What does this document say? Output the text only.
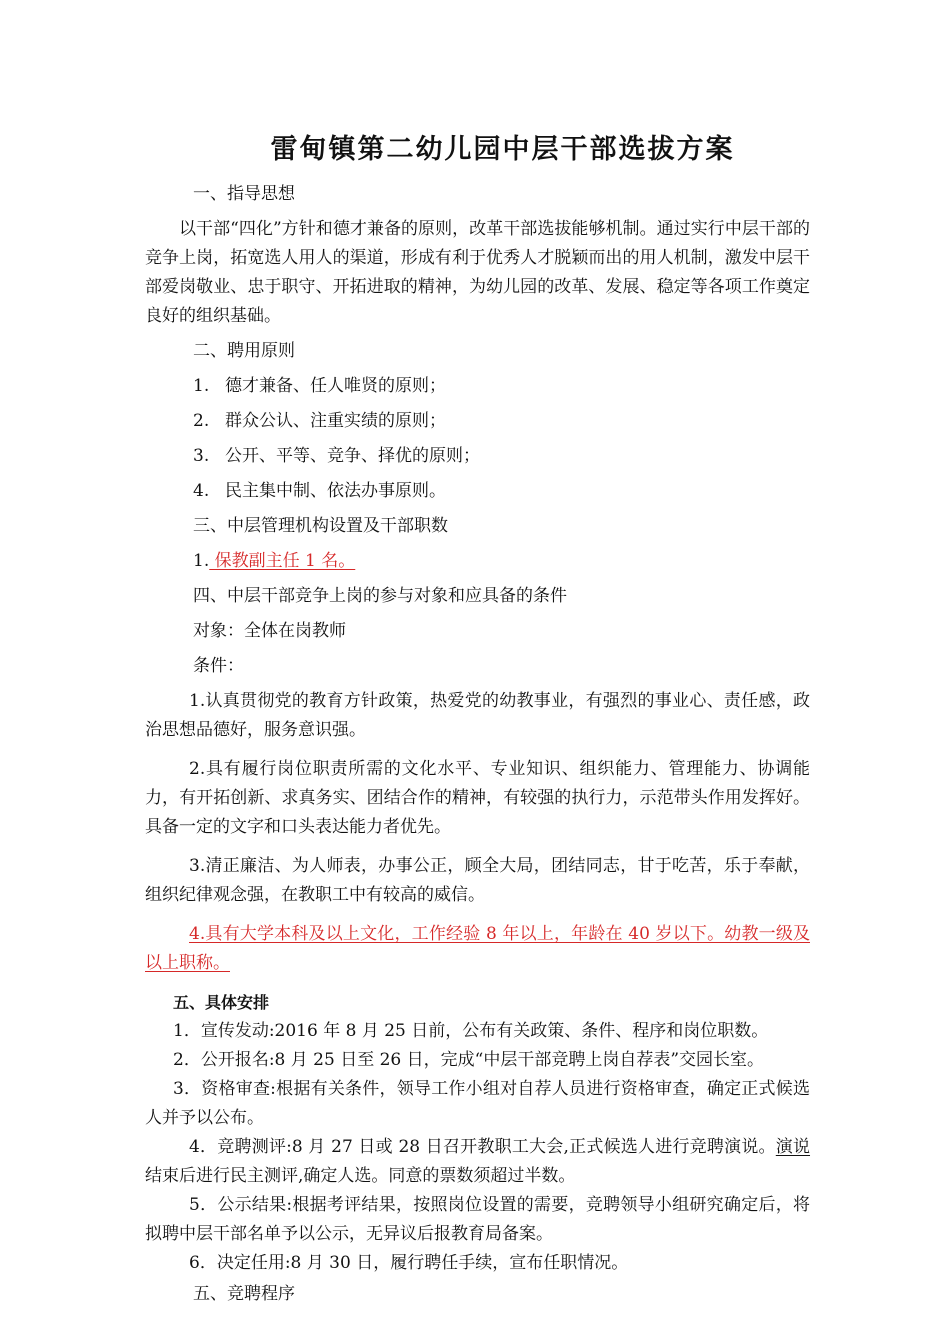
雷甸镇第二幼儿园中层干部选拔方案

一、指导思想

以干部“四化”方针和德才兼备的原则，改革干部选拔能够机制。通过实行中层干部的竞争上岗，拓宽选人用人的渠道，形成有利于优秀人才脱颖而出的用人机制，激发中层干部爱岗敬业、忠于职守、开拓进取的精神，为幼儿园的改革、发展、稳定等各项工作奠定良好的组织基础。

二、聘用原则

1. 德才兼备、任人唯贤的原则；

2. 群众公认、注重实绩的原则；

3. 公开、平等、竞争、择优的原则；

4. 民主集中制、依法办事原则。

三、中层管理机构设置及干部职数

1. 保教副主任 1 名。

四、中层干部竞争上岗的参与对象和应具备的条件

对象：全体在岗教师

条件：

1.认真贯彻党的教育方针政策，热爱党的幼教事业，有强烈的事业心、责任感，政治思想品德好，服务意识强。

2.具有履行岗位职责所需的文化水平、专业知识、组织能力、管理能力、协调能力，有开拓创新、求真务实、团结合作的精神，有较强的执行力，示范带头作用发挥好。具备一定的文字和口头表达能力者优先。

3.清正廉洁、为人师表，办事公正，顾全大局，团结同志，甘于吃苦，乐于奉献，组织纪律观念强，在教职工中有较高的威信。

4.具有大学本科及以上文化，工作经验 8 年以上，年龄在 40 岁以下。幼教一级及以上职称。

五、具体安排

1．宣传发动:2016 年 8 月 25 日前，公布有关政策、条件、程序和岗位职数。

2．公开报名:8 月 25 日至 26 日，完成“中层干部竞聘上岗自荐表”交园长室。

3．资格审查:根据有关条件，领导工作小组对自荐人员进行资格审查，确定正式候选人并予以公布。

4．竞聘测评:8 月 27 日或 28 日召开教职工大会,正式候选人进行竞聘演说。演说结束后进行民主测评,确定人选。同意的票数须超过半数。

5．公示结果:根据考评结果，按照岗位设置的需要，竞聘领导小组研究确定后，将拟聘中层干部名单予以公示，无异议后报教育局备案。

6．决定任用:8 月 30 日，履行聘任手续，宣布任职情况。

五、竞聘程序
